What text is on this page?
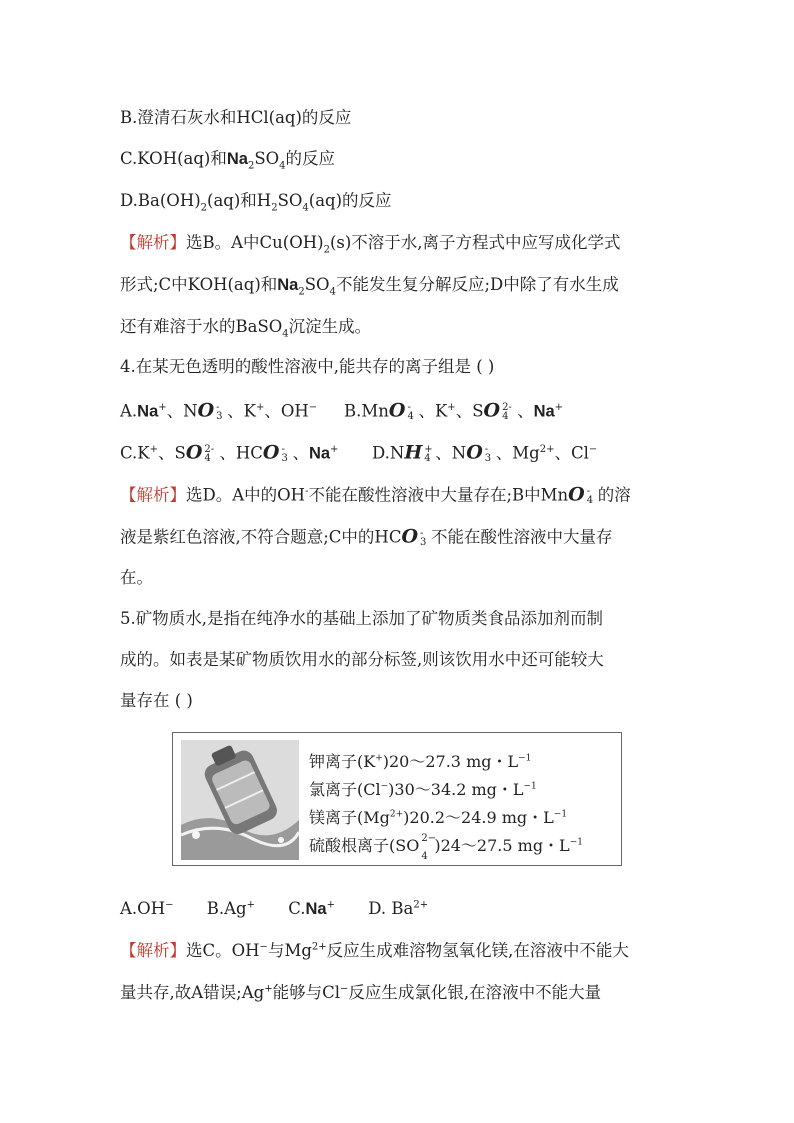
B.澄清石灰水和HCl(aq)的反应
C.KOH(aq)和$Na_2SO_4$的反应
$D.Ba(OH)_2(aq)$和$H_2SO_4(aq)$的反应
【解析】选B。A中$Cu(OH)_2(s)$不溶于水,离子方程式中应写成化学式
形式;C中KOH(aq)和$Na_2SO_4$不能发生复分解反应;D中除了有水生成
还有难溶于水的BaSO$_4$沉淀生成。
4.在某无色透明的酸性溶液中,能共存的离子组是 ( )
A.Na+、NO -
3 、K+、OH− B.MnO -
4 、K+、SO 2-
4 、Na+
C.K+、SO 2-
4 、HCO -
3 、Na+ D.NH +
4 、NO -
3 、$Mg^{2+}$、Cl−
【解析】选D。A中的OH-不能在酸性溶液中大量存在;B中MnO -
4 的溶
液是紫红色溶液,不符合题意;C中的HCO -
3 不能在酸性溶液中大量存
在。
5.矿物质水,是指在纯净水的基础上添加了矿物质类食品添加剂而制
成的。如表是某矿物质饮用水的部分标签,则该饮用水中还可能较大
量存在 ( )
钾离子(K+)20～27.3 mg・$L^{-1}$
氯离子(Cl−)30～34.2 mg・$L^{-1}$
镁离子$(Mg^{2+})20.2\sim 24.9$ mg・$L^{-1}$
硫酸根离子(SO 2−
4
)24～27.5 mg・$L^{-1}$
A.OH− B.Ag+ C.Na+ D. $Ba^{2+}$
【解析】选C。OH−与$Mg^{2+}$反应生成难溶物氢氧化镁,在溶液中不能大
量共存,故A错误;Ag+能够与Cl−反应生成氯化银,在溶液中不能大量
